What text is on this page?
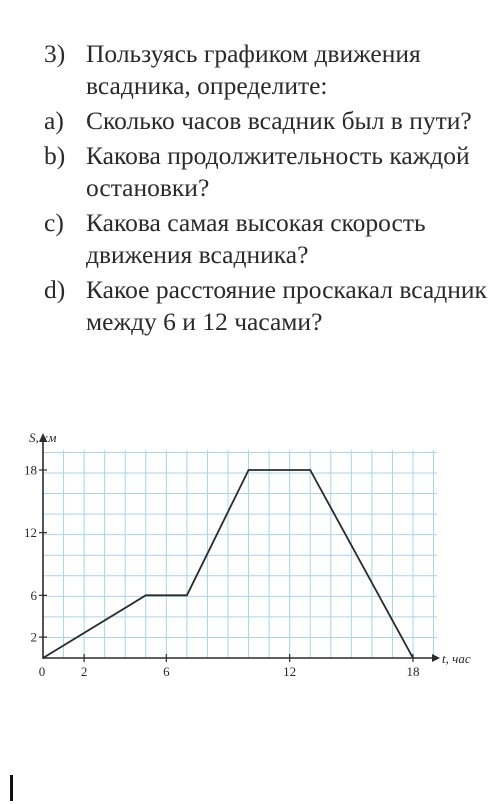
3) Пользуясь графиком движения всадника, определите:
a) Сколько часов всадник был в пути?
b) Какова продолжительность каждой остановки?
c) Какова самая высокая скорость движения всадника?
d) Какое расстояние проскакал всадник между 6 и 12 часами?
0	2	6	12	18
2
6
12
18
S, км
t, час
